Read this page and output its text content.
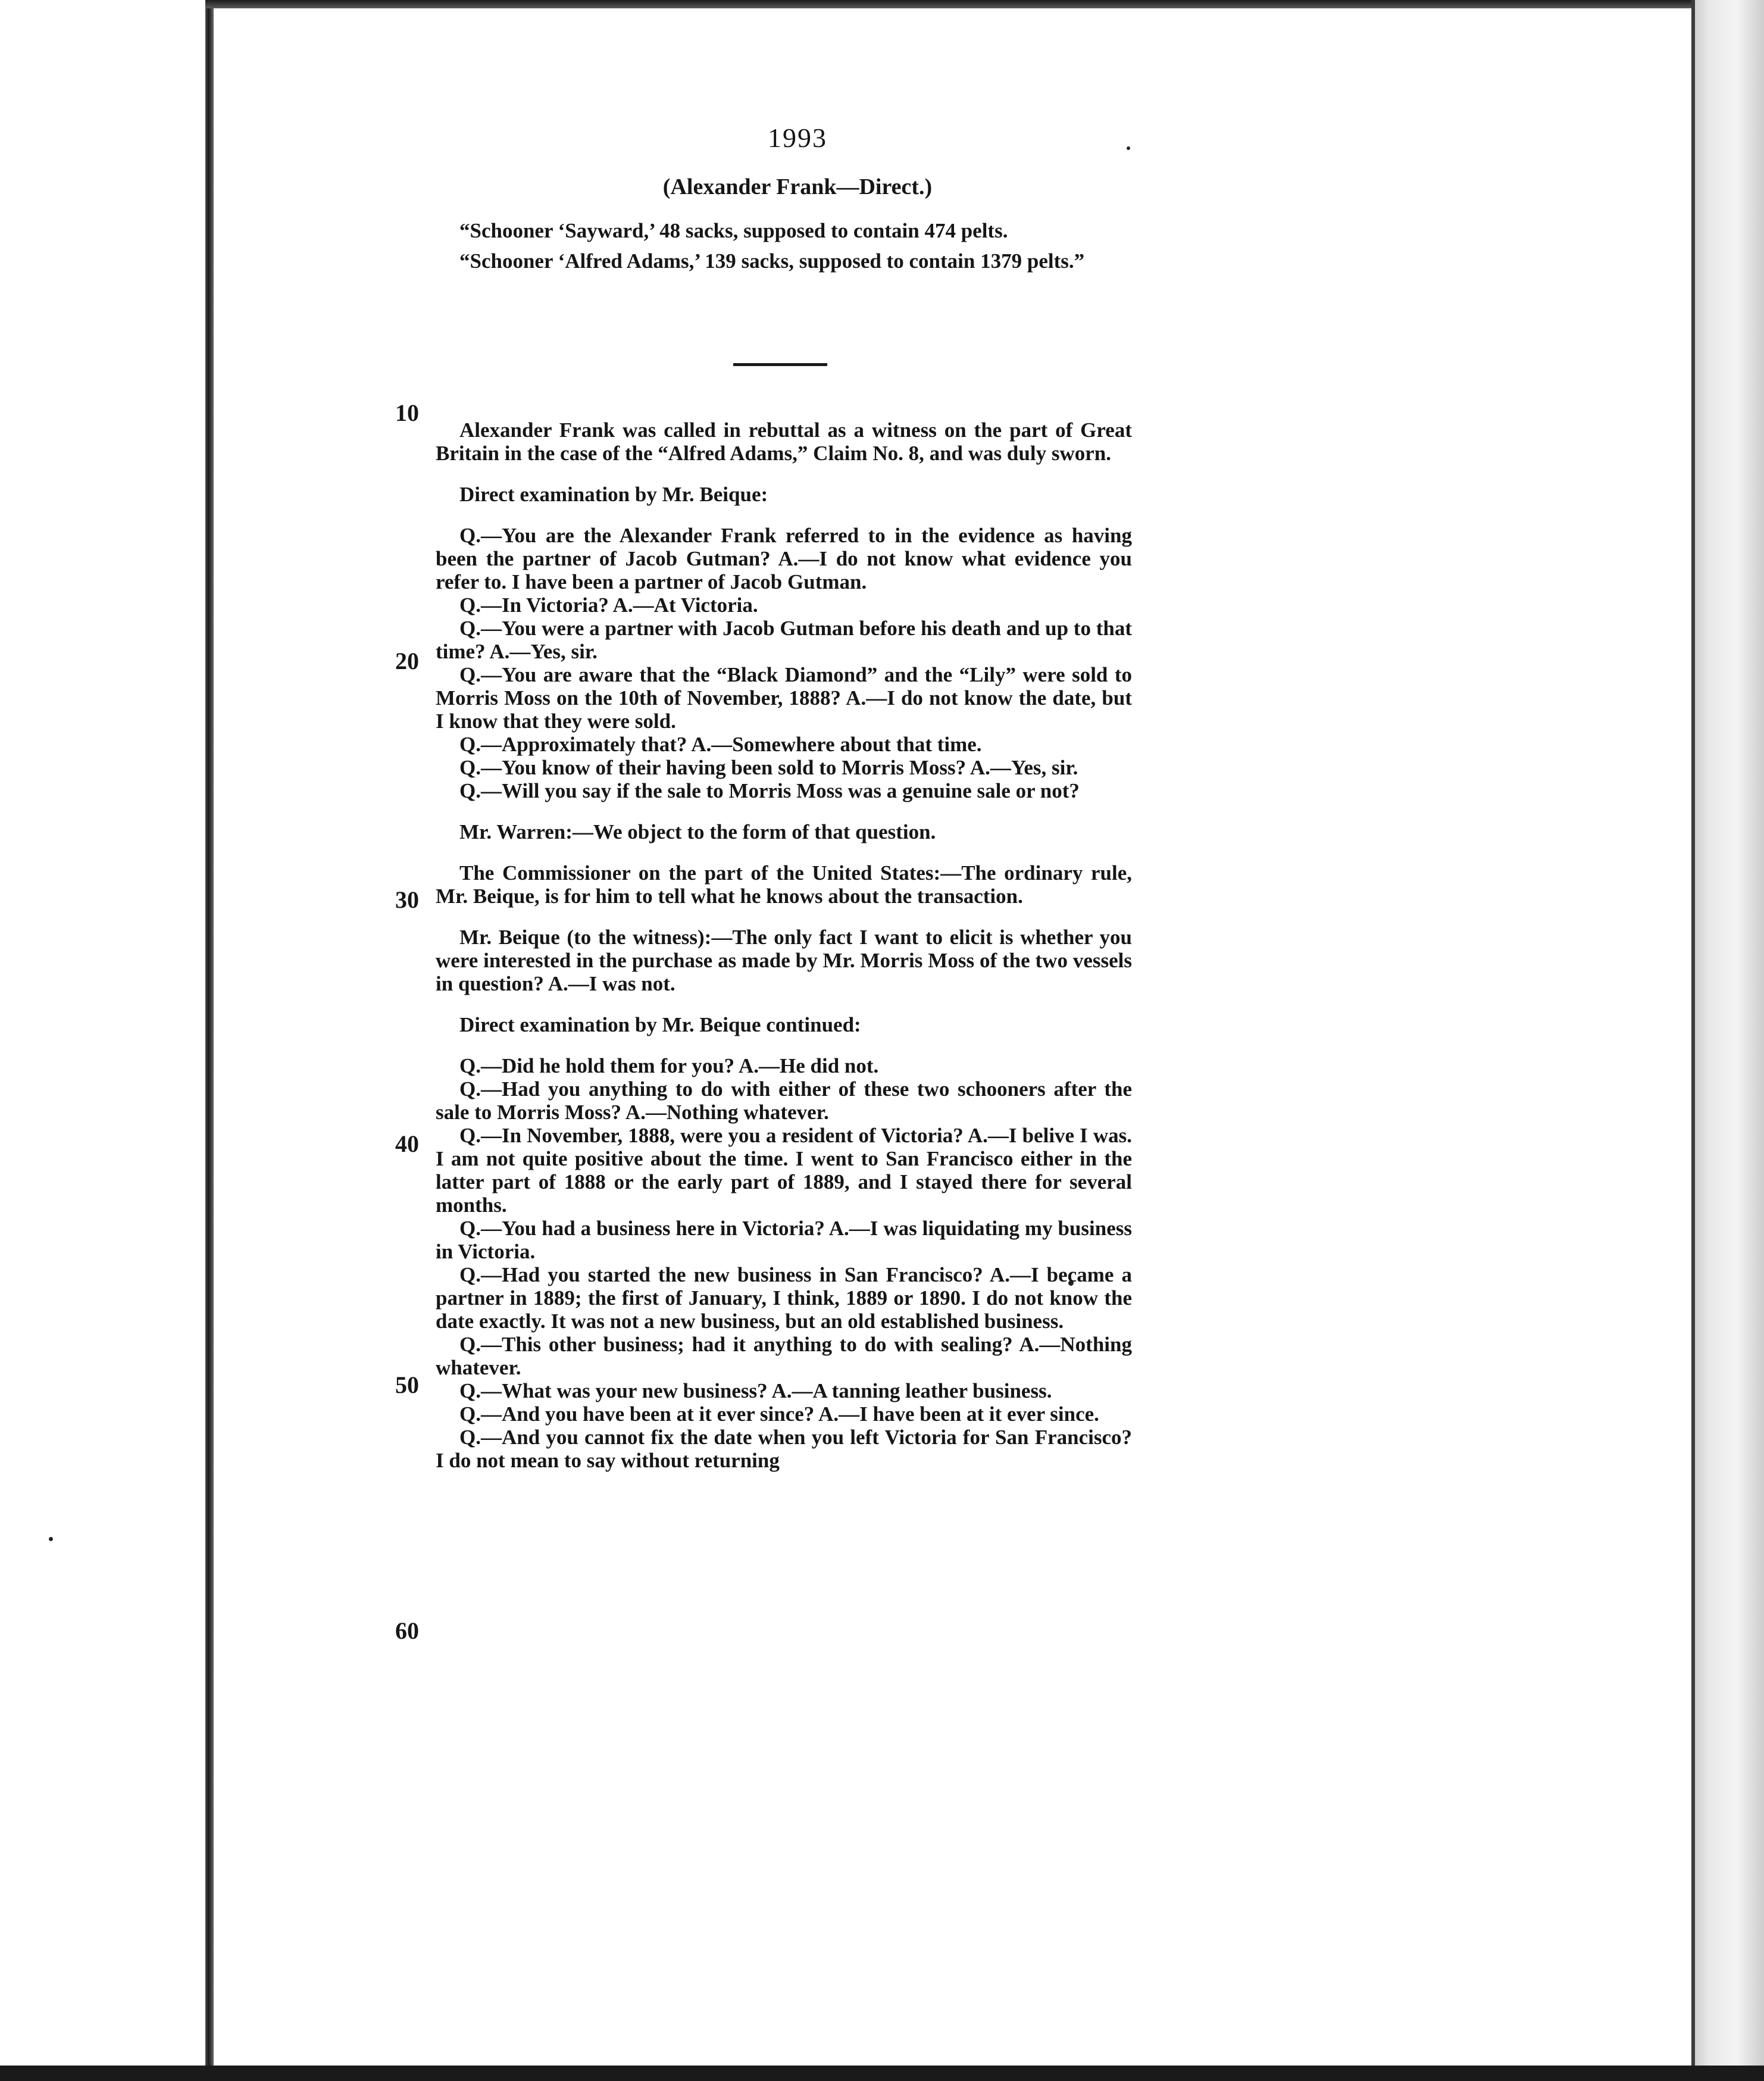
1993
(Alexander Frank—Direct.)

“Schooner ‘Sayward,’ 48 sacks, supposed to contain 474 pelts.

“Schooner ‘Alfred Adams,’ 139 sacks, supposed to contain 1379 pelts.”

10
20
30
40
50
60

Alexander Frank was called in rebuttal as a witness on the part of Great Britain in the case of the “Alfred Adams,” Claim No. 8, and was duly sworn.

Direct examination by Mr. Beique:

Q.—You are the Alexander Frank referred to in the evidence as having been the partner of Jacob Gutman? A.—I do not know what evidence you refer to. I have been a partner of Jacob Gutman.

Q.—In Victoria? A.—At Victoria.

Q.—You were a partner with Jacob Gutman before his death and up to that time? A.—Yes, sir.

Q.—You are aware that the “Black Diamond” and the “Lily” were sold to Morris Moss on the 10th of November, 1888? A.—I do not know the date, but I know that they were sold.

Q.—Approximately that? A.—Somewhere about that time.

Q.—You know of their having been sold to Morris Moss? A.—Yes, sir.

Q.—Will you say if the sale to Morris Moss was a genuine sale or not?

Mr. Warren:—We object to the form of that question.

The Commissioner on the part of the United States:—The ordinary rule, Mr. Beique, is for him to tell what he knows about the transaction.

Mr. Beique (to the witness):—The only fact I want to elicit is whether you were interested in the purchase as made by Mr. Morris Moss of the two vessels in question? A.—I was not.

Direct examination by Mr. Beique continued:

Q.—Did he hold them for you? A.—He did not.

Q.—Had you anything to do with either of these two schooners after the sale to Morris Moss? A.—Nothing whatever.

Q.—In November, 1888, were you a resident of Victoria? A.—I belive I was. I am not quite positive about the time. I went to San Francisco either in the latter part of 1888 or the early part of 1889, and I stayed there for several months.

Q.—You had a business here in Victoria? A.—I was liquidating my business in Victoria.

Q.—Had you started the new business in San Francisco? A.—I became a partner in 1889; the first of January, I think, 1889 or 1890. I do not know the date exactly. It was not a new business, but an old established business.

Q.—This other business; had it anything to do with sealing? A.—Nothing whatever.

Q.—What was your new business? A.—A tanning leather business.

Q.—And you have been at it ever since? A.—I have been at it ever since.

Q.—And you cannot fix the date when you left Victoria for San Francisco? I do not mean to say without returning
